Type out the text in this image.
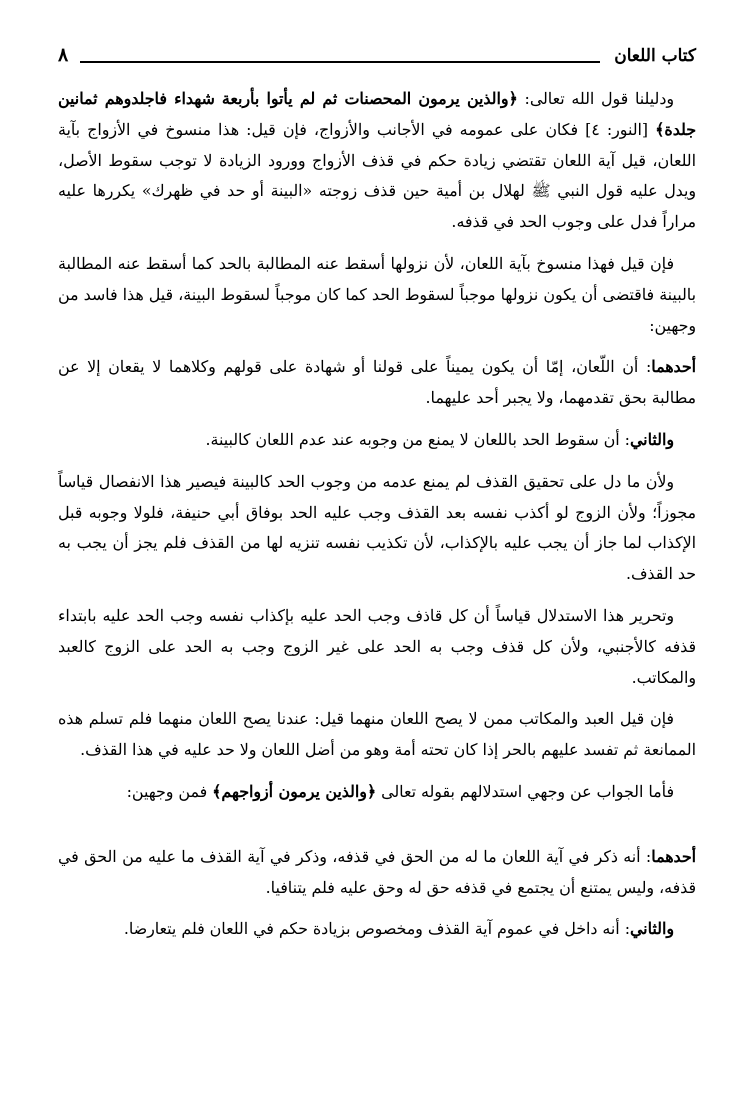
كتاب اللعان
٨

ودليلنا قول الله تعالى: ﴿والذين يرمون المحصنات ثم لم يأتوا بأربعة شهداء فاجلدوهم ثمانين جلدة﴾ [النور: ٤] فكان على عمومه في الأجانب والأزواج، فإن قيل: هذا منسوخ في الأزواج بآية اللعان، قيل آية اللعان تقتضي زيادة حكم في قذف الأزواج وورود الزيادة لا توجب سقوط الأصل، ويدل عليه قول النبي ﷺ لهلال بن أمية حين قذف زوجته «البينة أو حد في ظهرك» يكررها عليه مراراً فدل على وجوب الحد في قذفه.

فإن قيل فهذا منسوخ بآية اللعان، لأن نزولها أسقط عنه المطالبة بالحد كما أسقط عنه المطالبة بالبينة فاقتضى أن يكون نزولها موجباً لسقوط الحد كما كان موجباً لسقوط البينة، قيل هذا فاسد من وجهين:

أحدهما: أن اللّعان، إمّا أن يكون يميناً على قولنا أو شهادة على قولهم وكلاهما لا يقعان إلا عن مطالبة بحق تقدمهما، ولا يجبر أحد عليهما.

والثاني: أن سقوط الحد باللعان لا يمنع من وجوبه عند عدم اللعان كالبينة.

ولأن ما دل على تحقيق القذف لم يمنع عدمه من وجوب الحد كالبينة فيصير هذا الانفصال قياساً مجوزاً؛ ولأن الزوج لو أكذب نفسه بعد القذف وجب عليه الحد بوفاق أبي حنيفة، فلولا وجوبه قبل الإكذاب لما جاز أن يجب عليه بالإكذاب، لأن تكذيب نفسه تنزيه لها من القذف فلم يجز أن يجب به حد القذف.

وتحرير هذا الاستدلال قياساً أن كل قاذف وجب الحد عليه بإكذاب نفسه وجب الحد عليه بابتداء قذفه كالأجنبي، ولأن كل قذف وجب به الحد على غير الزوج وجب به الحد على الزوج كالعبد والمكاتب.

فإن قيل العبد والمكاتب ممن لا يصح اللعان منهما قيل: عندنا يصح اللعان منهما فلم تسلم هذه الممانعة ثم تفسد عليهم بالحر إذا كان تحته أمة وهو من أضل اللعان ولا حد عليه في هذا القذف.

فأما الجواب عن وجهي استدلالهم بقوله تعالى ﴿والذين يرمون أزواجهم﴾ فمن وجهين:

أحدهما: أنه ذكر في آية اللعان ما له من الحق في قذفه، وذكر في آية القذف ما عليه من الحق في قذفه، وليس يمتنع أن يجتمع في قذفه حق له وحق عليه فلم يتنافيا.

والثاني: أنه داخل في عموم آية القذف ومخصوص بزيادة حكم في اللعان فلم يتعارضا.
